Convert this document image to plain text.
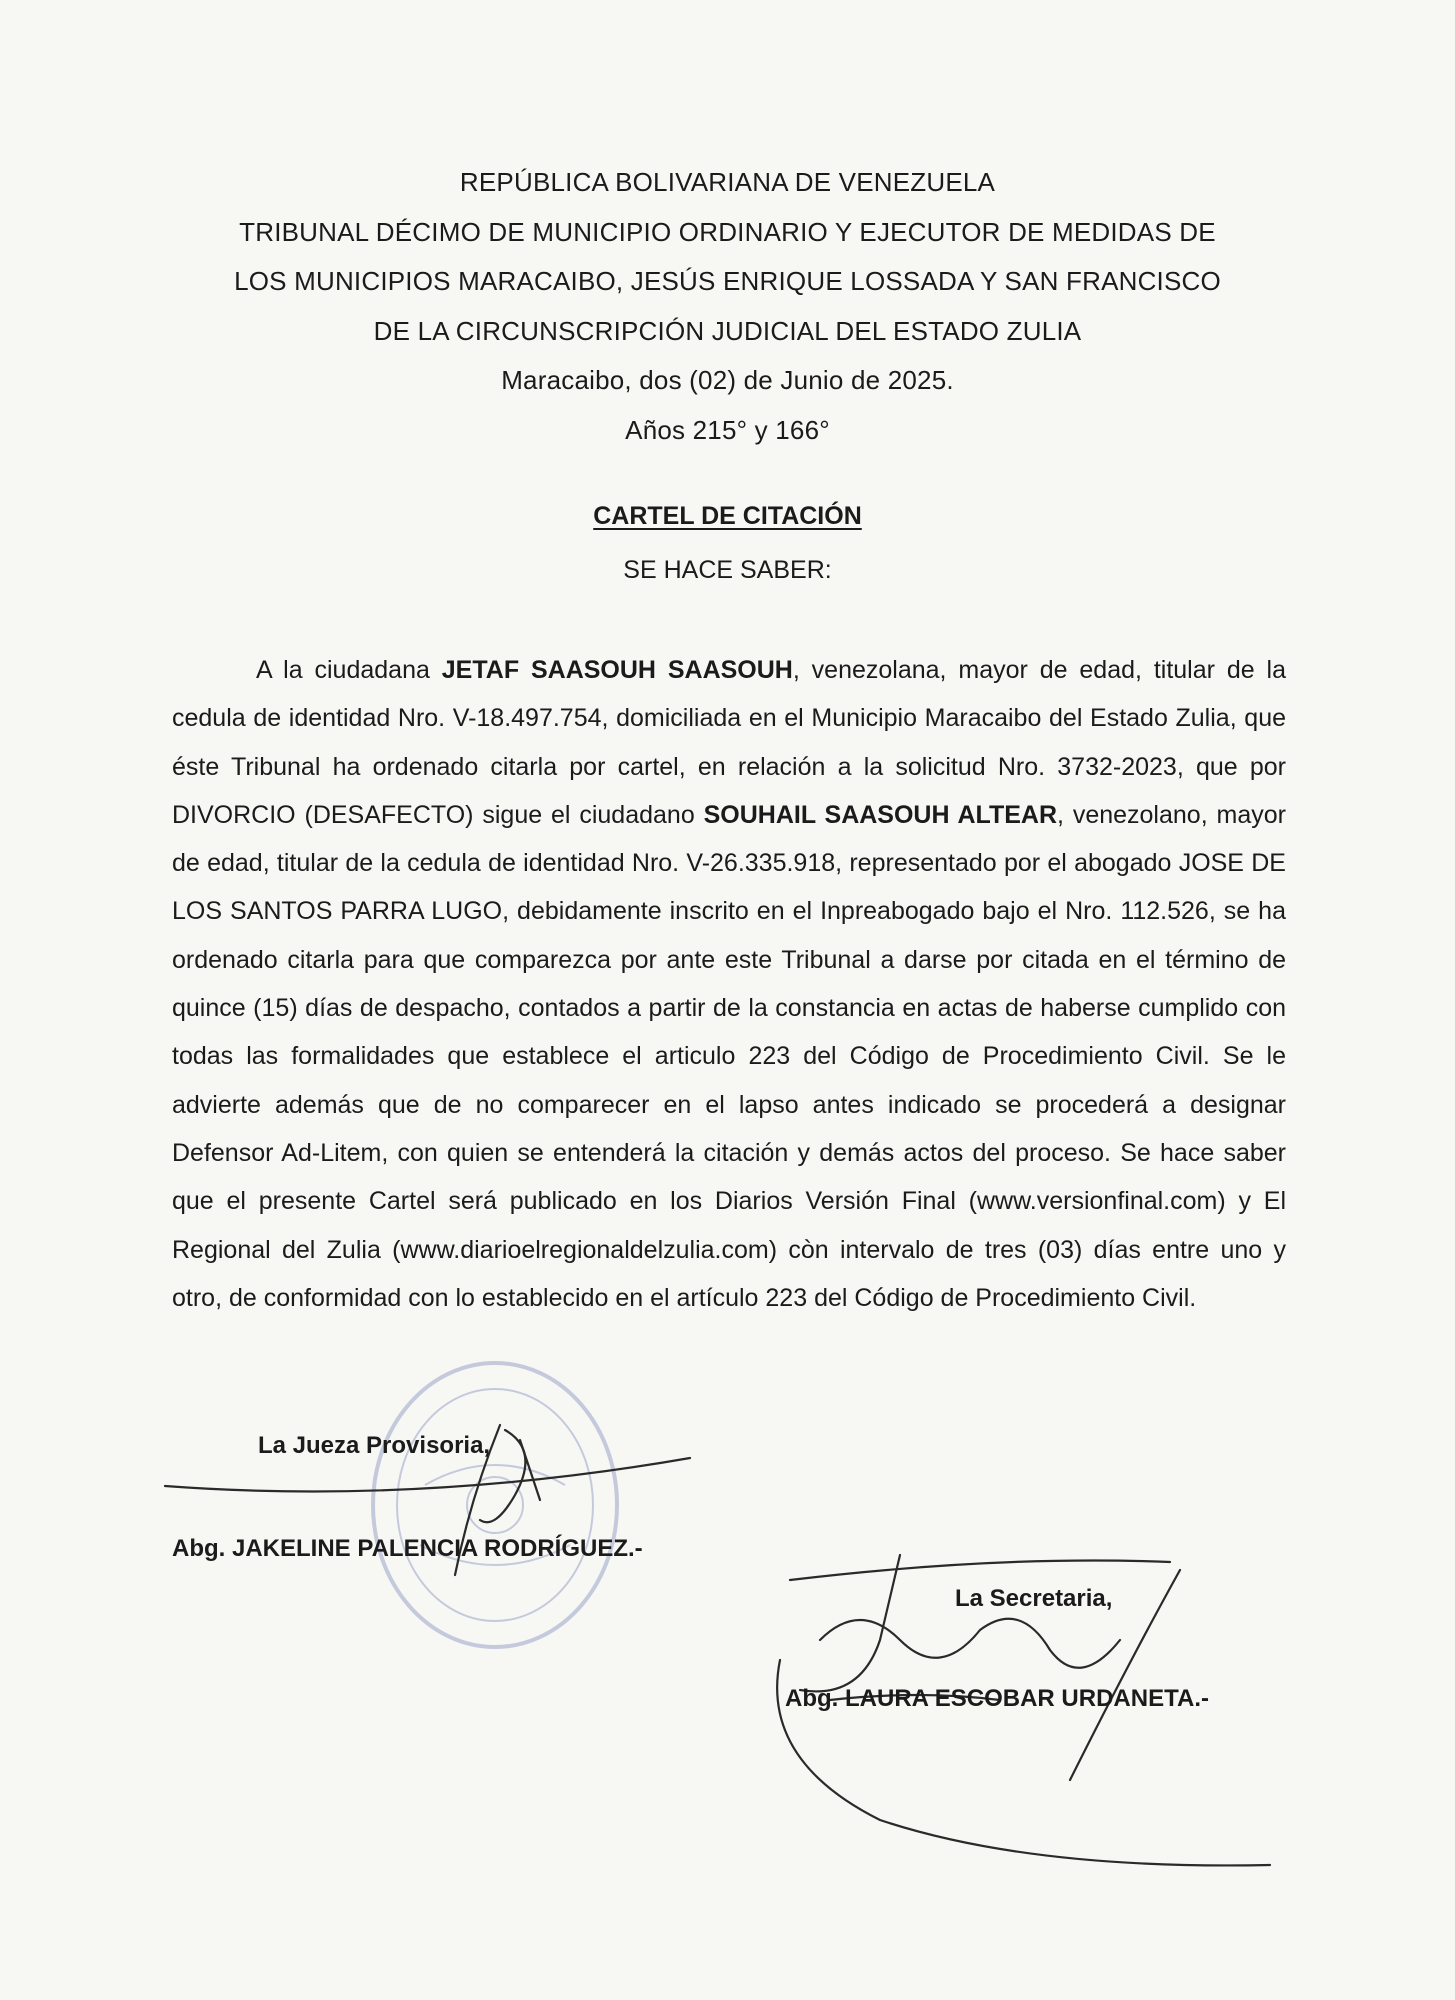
REPÚBLICA BOLIVARIANA DE VENEZUELA
TRIBUNAL DÉCIMO DE MUNICIPIO ORDINARIO Y EJECUTOR DE MEDIDAS DE
LOS MUNICIPIOS MARACAIBO, JESÚS ENRIQUE LOSSADA Y SAN FRANCISCO
DE LA CIRCUNSCRIPCIÓN JUDICIAL DEL ESTADO ZULIA
Maracaibo, dos (02) de Junio de 2025.
Años 215° y 166°
CARTEL DE CITACIÓN
SE HACE SABER:

A la ciudadana JETAF SAASOUH SAASOUH, venezolana, mayor de edad, titular de la cedula de identidad Nro. V-18.497.754, domiciliada en el Municipio Maracaibo del Estado Zulia, que éste Tribunal ha ordenado citarla por cartel, en relación a la solicitud Nro. 3732-2023, que por DIVORCIO (DESAFECTO) sigue el ciudadano SOUHAIL SAASOUH ALTEAR, venezolano, mayor de edad, titular de la cedula de identidad Nro. V-26.335.918, representado por el abogado JOSE DE LOS SANTOS PARRA LUGO, debidamente inscrito en el Inpreabogado bajo el Nro. 112.526, se ha ordenado citarla para que comparezca por ante este Tribunal a darse por citada en el término de quince (15) días de despacho, contados a partir de la constancia en actas de haberse cumplido con todas las formalidades que establece el articulo 223 del Código de Procedimiento Civil. Se le advierte además que de no comparecer en el lapso antes indicado se procederá a designar Defensor Ad-Litem, con quien se entenderá la citación y demás actos del proceso. Se hace saber que el presente Cartel será publicado en los Diarios Versión Final (www.versionfinal.com) y El Regional del Zulia (www.diarioelregionaldelzulia.com) còn intervalo de tres (03) días entre uno y otro, de conformidad con lo establecido en el artículo 223 del Código de Procedimiento Civil.

La Jueza Provisoria,
Abg. JAKELINE PALENCIA RODRÍGUEZ.-
La Secretaria,
Abg. LAURA ESCOBAR URDANETA.-
